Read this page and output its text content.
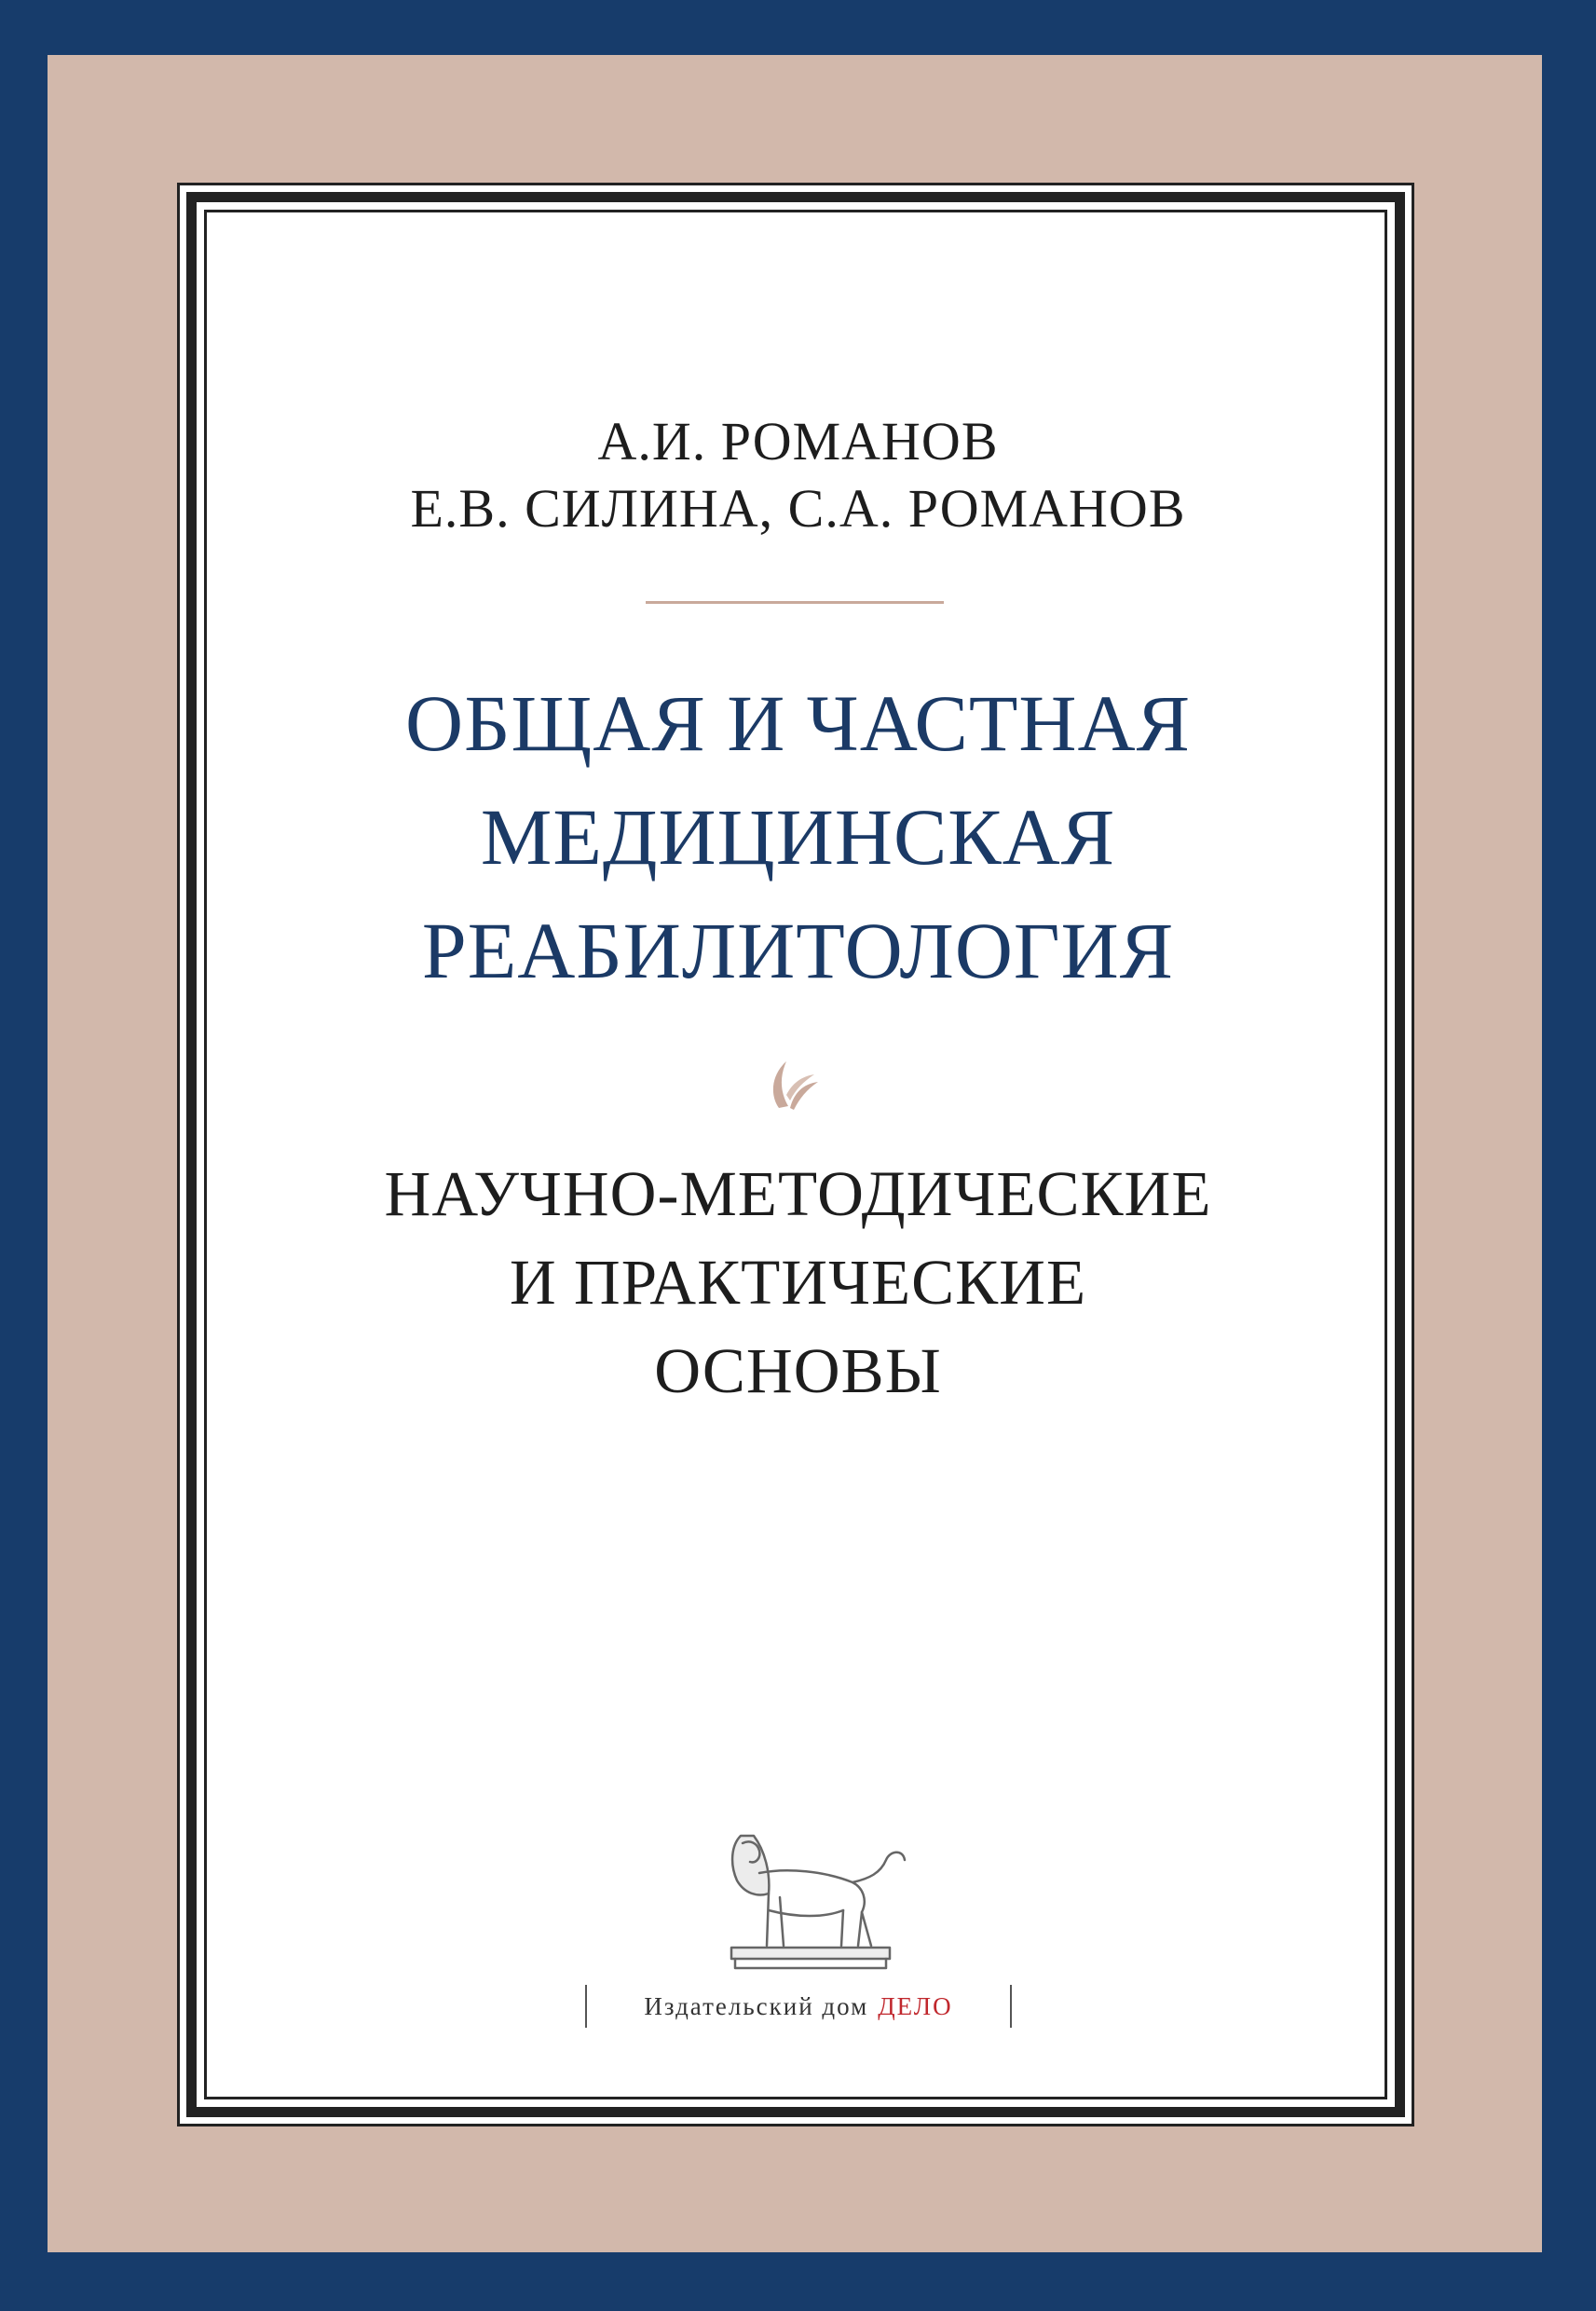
А.И. РОМАНОВ
Е.В. СИЛИНА, С.А. РОМАНОВ
ОБЩАЯ И ЧАСТНАЯ
МЕДИЦИНСКАЯ
РЕАБИЛИТОЛОГИЯ
НАУЧНО-МЕТОДИЧЕСКИЕ
И ПРАКТИЧЕСКИЕ
ОСНОВЫ
Издательский дом ДЕЛО
